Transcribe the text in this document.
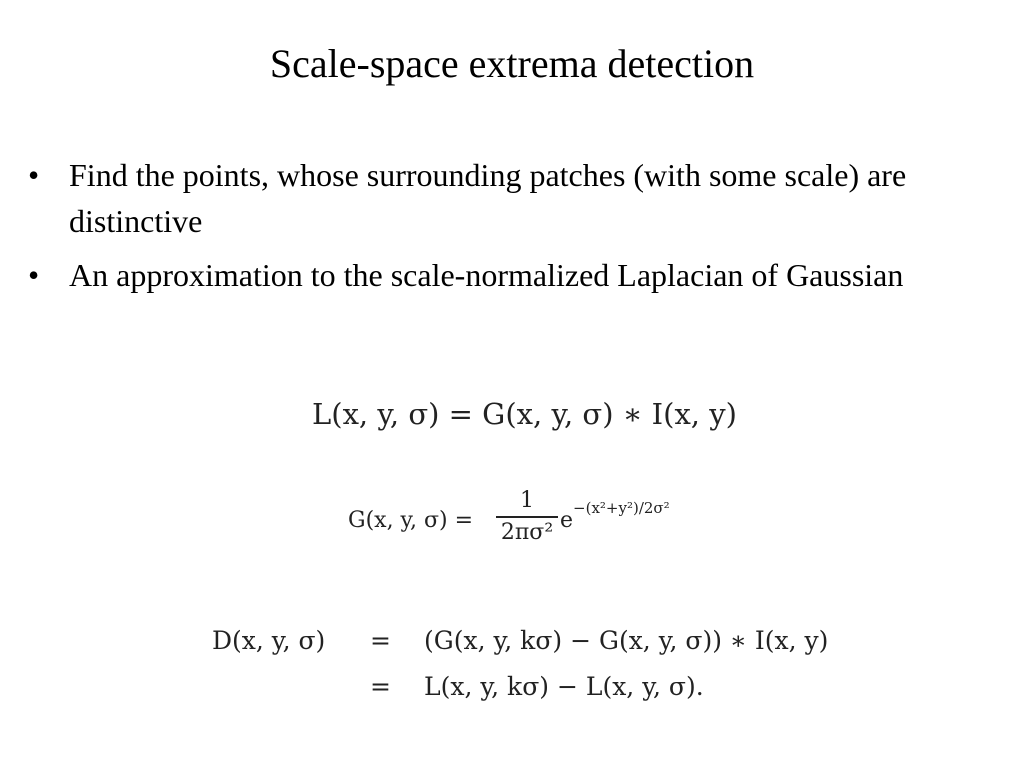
Scale-space extrema detection
• Find the points, whose surrounding patches (with some scale) are distinctive
• An approximation to the scale-normalized Laplacian of Gaussian
L(x, y, σ) = G(x, y, σ) ∗ I(x, y)
G(x, y, σ) =
1
2πσ² $e^{-(x^2+y^2)/2\sigma^2}$
D(x, y, σ) = (G(x, y, kσ) − G(x, y, σ)) ∗ I(x, y)
= L(x, y, kσ) − L(x, y, σ).
